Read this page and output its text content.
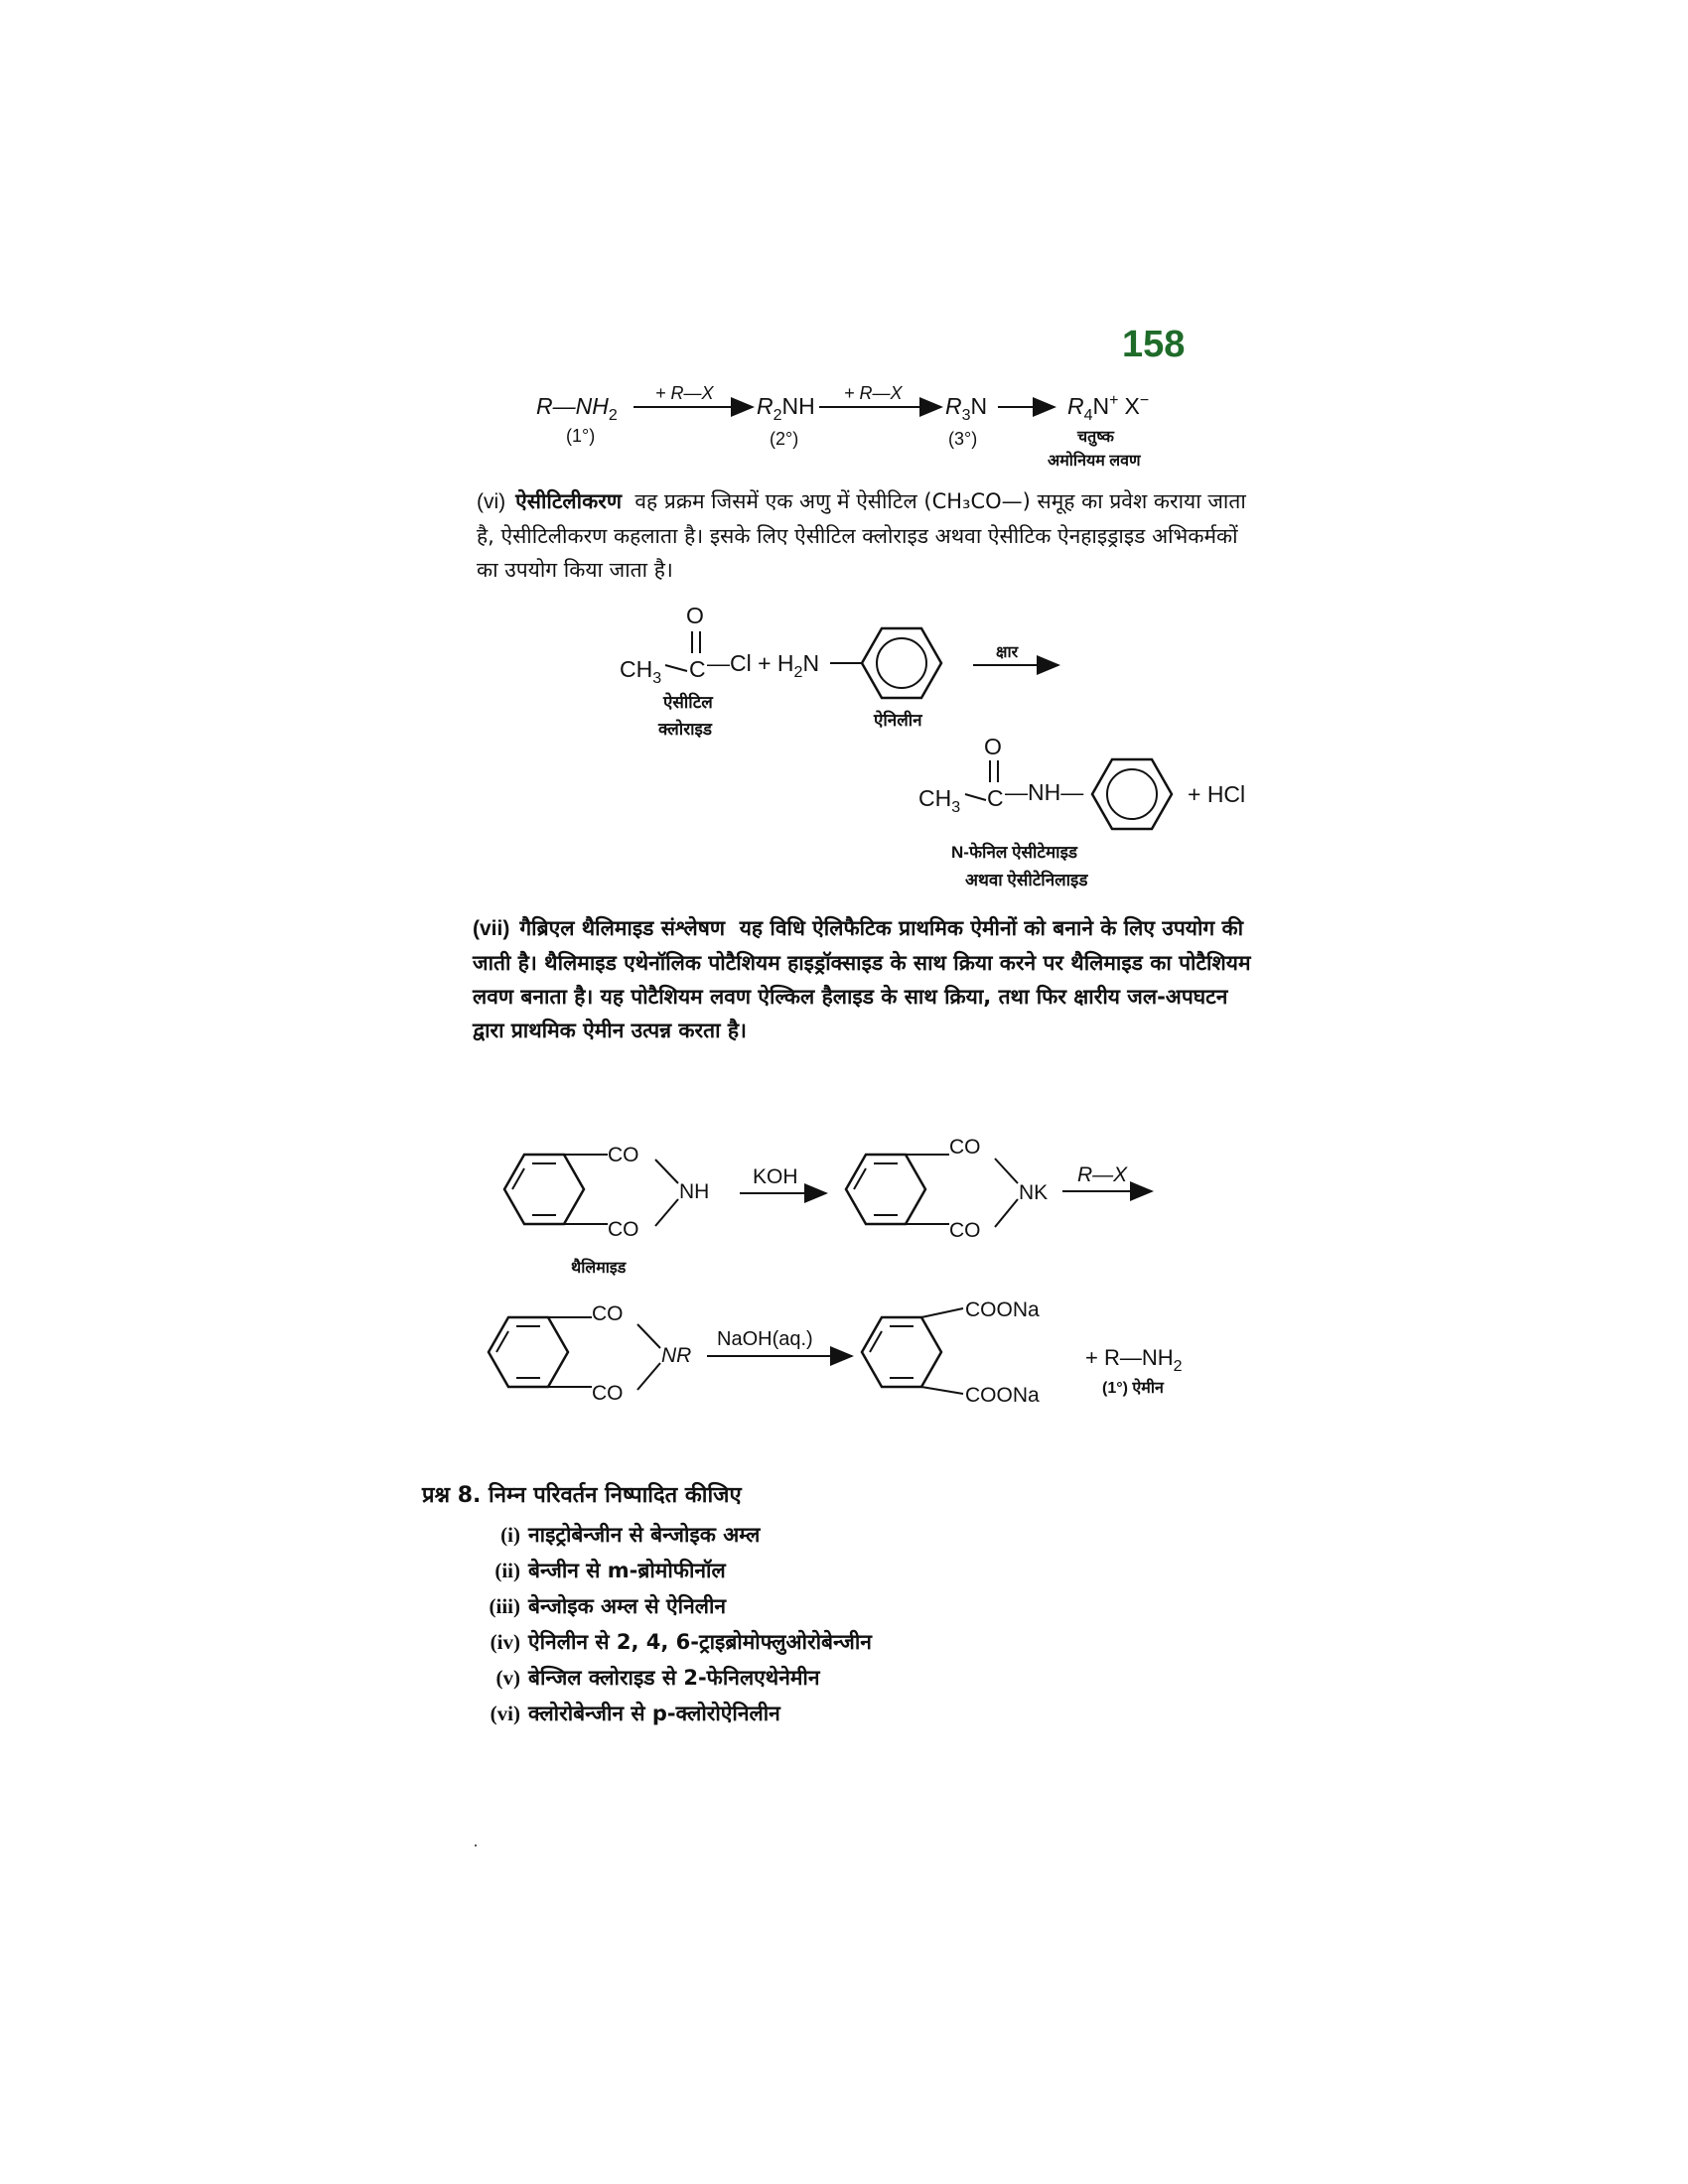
158
$R—NH_2$
+ R—X $R_2NH$ + R—X $R_3N$	$R_4N^+$ X−
(1°)	(2°)	(3°)	चतुष्क
अमोनियम लवण
$CH_3$ C
O
—Cl + $H_2N$
ऐसीटिल
क्लोराइड	ऐनिलीन
क्षार
$CH_3$ C
O
—NH—	+ HCl
N-फेनिल ऐसीटेमाइड
अथवा ऐसीटेनिलाइड
CO
CO
NH
थैलिमाइड
KOH
CO
CO
NK
R—X
CO
CO
NR
NaOH(aq.)
COONa
COONa
+ $R—NH_2$
(1°) ऐमीन
(vi) ऐसीटिलीकरण वह प्रक्रम जिसमें एक अणु में ऐसीटिल (CH₃CO—) समूह का प्रवेश कराया जाता है, ऐसीटिलीकरण कहलाता है। इसके लिए ऐसीटिल क्लोराइड अथवा ऐसीटिक ऐनहाइड्राइड अभिकर्मकों का उपयोग किया जाता है।
(vii) गैब्रिएल थैलिमाइड संश्लेषण यह विधि ऐलिफैटिक प्राथमिक ऐमीनों को बनाने के लिए उपयोग की जाती है। थैलिमाइड एथेनॉलिक पोटैशियम हाइड्रॉक्साइड के साथ क्रिया करने पर थैलिमाइड का पोटैशियम लवण बनाता है। यह पोटैशियम लवण ऐल्किल हैलाइड के साथ क्रिया, तथा फिर क्षारीय जल-अपघटन द्वारा प्राथमिक ऐमीन उत्पन्न करता है।
प्रश्न 8. निम्न परिवर्तन निष्पादित कीजिए
(i) नाइट्रोबेन्जीन से बेन्जोइक अम्ल
(ii) बेन्जीन से m-ब्रोमोफीनॉल
(iii) बेन्जोइक अम्ल से ऐनिलीन
(iv) ऐनिलीन से 2, 4, 6-ट्राइब्रोमोफ्लुओरोबेन्जीन
(v) बेन्जिल क्लोराइड से 2-फेनिलएथेनेमीन
(vi) क्लोरोबेन्जीन से p-क्लोरोऐनिलीन
